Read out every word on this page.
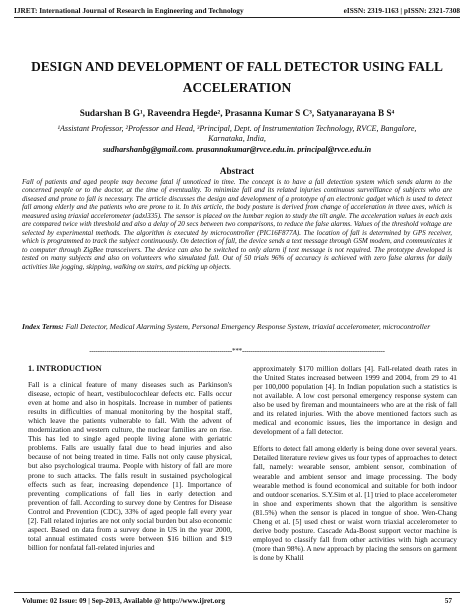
IJRET: International Journal of Research in Engineering and Technology	eISSN: 2319-1163 | pISSN: 2321-7308
DESIGN AND DEVELOPMENT OF FALL DETECTOR USING FALL
ACCELERATION
Sudarshan B G¹, Raveendra Hegde², Prasanna Kumar S C³, Satyanarayana B S⁴
¹Assistant Professor, ²Professor and Head, ³Principal, Dept. of Instrumentation Technology, RVCE, Bangalore,
Karnataka, India,
sudharshanbg@gmail.com. prasannakumar@rvce.edu.in. principal@rvce.edu.in
Abstract
Fall of patients and aged people may become fatal if unnoticed in time. The concept is to have a fall detection system which sends alarm to the concerned people or to the doctor, at the time of eventuality. To minimize fall and its related injuries continuous surveillance of subjects who are diseased and prone to fall is necessary. The article discusses the design and development of a prototype of an electronic gadget which is used to detect fall among elderly and the patients who are prone to it. In this article, the body posture is derived from change of acceleration in three axes, which is measured using triaxial accelerometer (adxl335). The sensor is placed on the lumbar region to study the tilt angle. The acceleration values in each axis are compared twice with threshold and also a delay of 20 secs between two comparisons, to reduce the false alarms. Values of the threshold voltage are selected by experimental methods. The algorithm is executed by microcontroller (PIC16F877A). The location of fall is determined by GPS receiver, which is programmed to track the subject continuously. On detection of fall, the device sends a text message through GSM modem, and communicates it to computer through ZigBee transceivers. The device can also be switched to only alarm if text message is not required. The prototype developed is tested on many subjects and also on volunteers who simulated fall. Out of 50 trials 96% of accuracy is achieved with zero false alarms for daily activities like jogging, skipping, walking on stairs, and picking up objects.
Index Terms: Fall Detector, Medical Alarming System, Personal Emergency Response System, triaxial accelerometer, microcontroller
-------------------------------------------------------------------***-------------------------------------------------------------------
1. INTRODUCTION

Fall is a clinical feature of many diseases such as Parkinson's disease, ectopic of heart, vestibulocochlear defects etc. Falls occur even at home and also in hospitals. Increase in number of patients results in difficulties of manual monitoring by the hospital staff, which leave the patients vulnerable to fall. With the advent of modernization and western culture, the nuclear families are on rise. This has led to single aged people living alone with geriatric problems. Falls are usually fatal due to head injuries and also because of not being treated in time. Falls not only cause physical, but also psychological trauma. People with history of fall are more prone to such attacks. The falls result in sustained psychological effects such as fear, increasing dependence [1]. Importance of preventing complications of fall lies in early detection and prevention of fall. According to survey done by Centres for Disease Control and Prevention (CDC), 33% of aged people fall every year [2]. Fall related injuries are not only social burden but also economic aspect. Based on data from a survey done in US in the year 2000, total annual estimated costs were between $16 billion and $19 billion for nonfatal fall-related injuries and

approximately $170 million dollars [4]. Fall-related death rates in the United States increased between 1999 and 2004, from 29 to 41 per 100,000 population [4]. In Indian population such a statistics is not available. A low cost personal emergency response system can also be used by fireman and mountaineers who are at the risk of fall and its related injuries. With the above mentioned factors such as medical and economic issues, lies the importance in design and development of a fall detector.

Efforts to detect fall among elderly is being done over several years. Detailed literature review gives us four types of approaches to detect fall, namely: wearable sensor, ambient sensor, combination of wearable and ambient sensor and image processing. The body wearable method is found economical and suitable for both indoor and outdoor scenarios. S.Y.Sim et al. [1] tried to place accelerometer in shoe and experiments shown that the algorithm is sensitive (81.5%) when the sensor is placed in tongue of shoe. Wen-Chang Cheng et al. [5] used chest or waist worn triaxial accelerometer to derive body posture. Cascade Ada-Boost support vector machine is employed to classify fall from other activities with high accuracy (more than 98%). A new approach by placing the sensors on garment is done by Khalil

Volume: 02 Issue: 09 | Sep-2013, Available @ http://www.ijret.org	57
